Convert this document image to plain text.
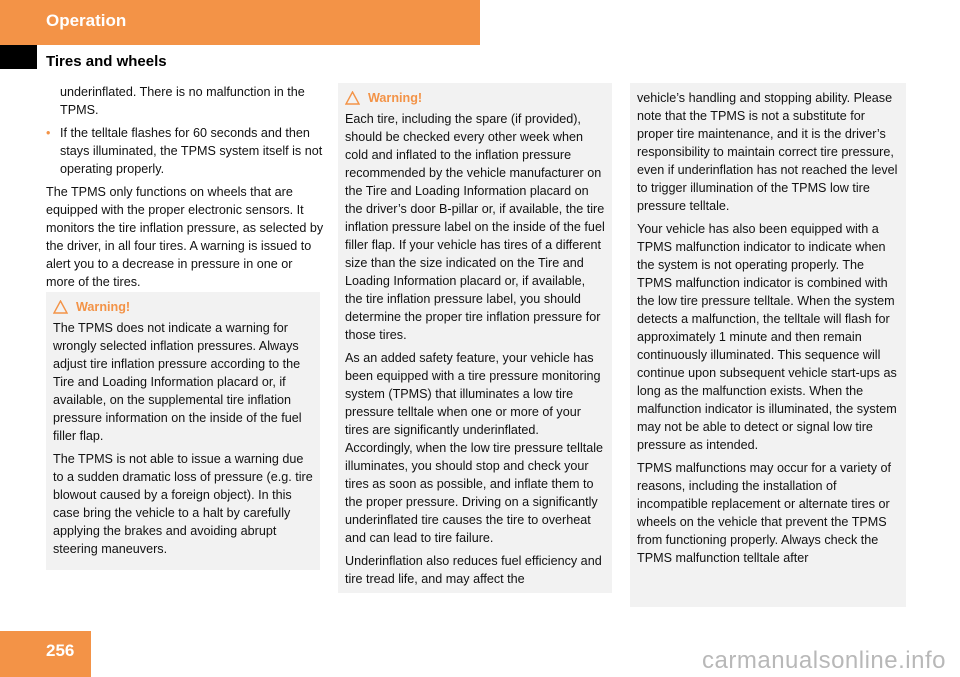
Operation
Tires and wheels

underinflated. There is no malfunction in the TPMS.

• If the telltale flashes for 60 seconds and then stays illuminated, the TPMS system itself is not operating properly.

The TPMS only functions on wheels that are equipped with the proper electronic sensors. It monitors the tire inflation pressure, as selected by the driver, in all four tires. A warning is issued to alert you to a decrease in pressure in one or more of the tires.

Warning!

The TPMS does not indicate a warning for wrongly selected inflation pressures. Always adjust tire inflation pressure according to the Tire and Loading Information placard or, if available, on the supplemental tire inflation pressure information on the inside of the fuel filler flap.

The TPMS is not able to issue a warning due to a sudden dramatic loss of pressure (e.g. tire blowout caused by a foreign object). In this case bring the vehicle to a halt by carefully applying the brakes and avoiding abrupt steering maneuvers.

Warning!

Each tire, including the spare (if provided), should be checked every other week when cold and inflated to the inflation pressure recommended by the vehicle manufacturer on the Tire and Loading Information placard on the driver’s door B-pillar or, if available, the tire inflation pressure label on the inside of the fuel filler flap. If your vehicle has tires of a different size than the size indicated on the Tire and Loading Information placard or, if available, the tire inflation pressure label, you should determine the proper tire inflation pressure for those tires.

As an added safety feature, your vehicle has been equipped with a tire pressure monitoring system (TPMS) that illuminates a low tire pressure telltale when one or more of your tires are significantly underinflated. Accordingly, when the low tire pressure telltale illuminates, you should stop and check your tires as soon as possible, and inflate them to the proper pressure. Driving on a significantly underinflated tire causes the tire to overheat and can lead to tire failure.

Underinflation also reduces fuel efficiency and tire tread life, and may affect the

vehicle’s handling and stopping ability. Please note that the TPMS is not a substitute for proper tire maintenance, and it is the driver’s responsibility to maintain correct tire pressure, even if underinflation has not reached the level to trigger illumination of the TPMS low tire pressure telltale.

Your vehicle has also been equipped with a TPMS malfunction indicator to indicate when the system is not operating properly. The TPMS malfunction indicator is combined with the low tire pressure telltale. When the system detects a malfunction, the telltale will flash for approximately 1 minute and then remain continuously illuminated. This sequence will continue upon subsequent vehicle start-ups as long as the malfunction exists. When the malfunction indicator is illuminated, the system may not be able to detect or signal low tire pressure as intended.

TPMS malfunctions may occur for a variety of reasons, including the installation of incompatible replacement or alternate tires or wheels on the vehicle that prevent the TPMS from functioning properly. Always check the TPMS malfunction telltale after

256	carmanualsonline.info
